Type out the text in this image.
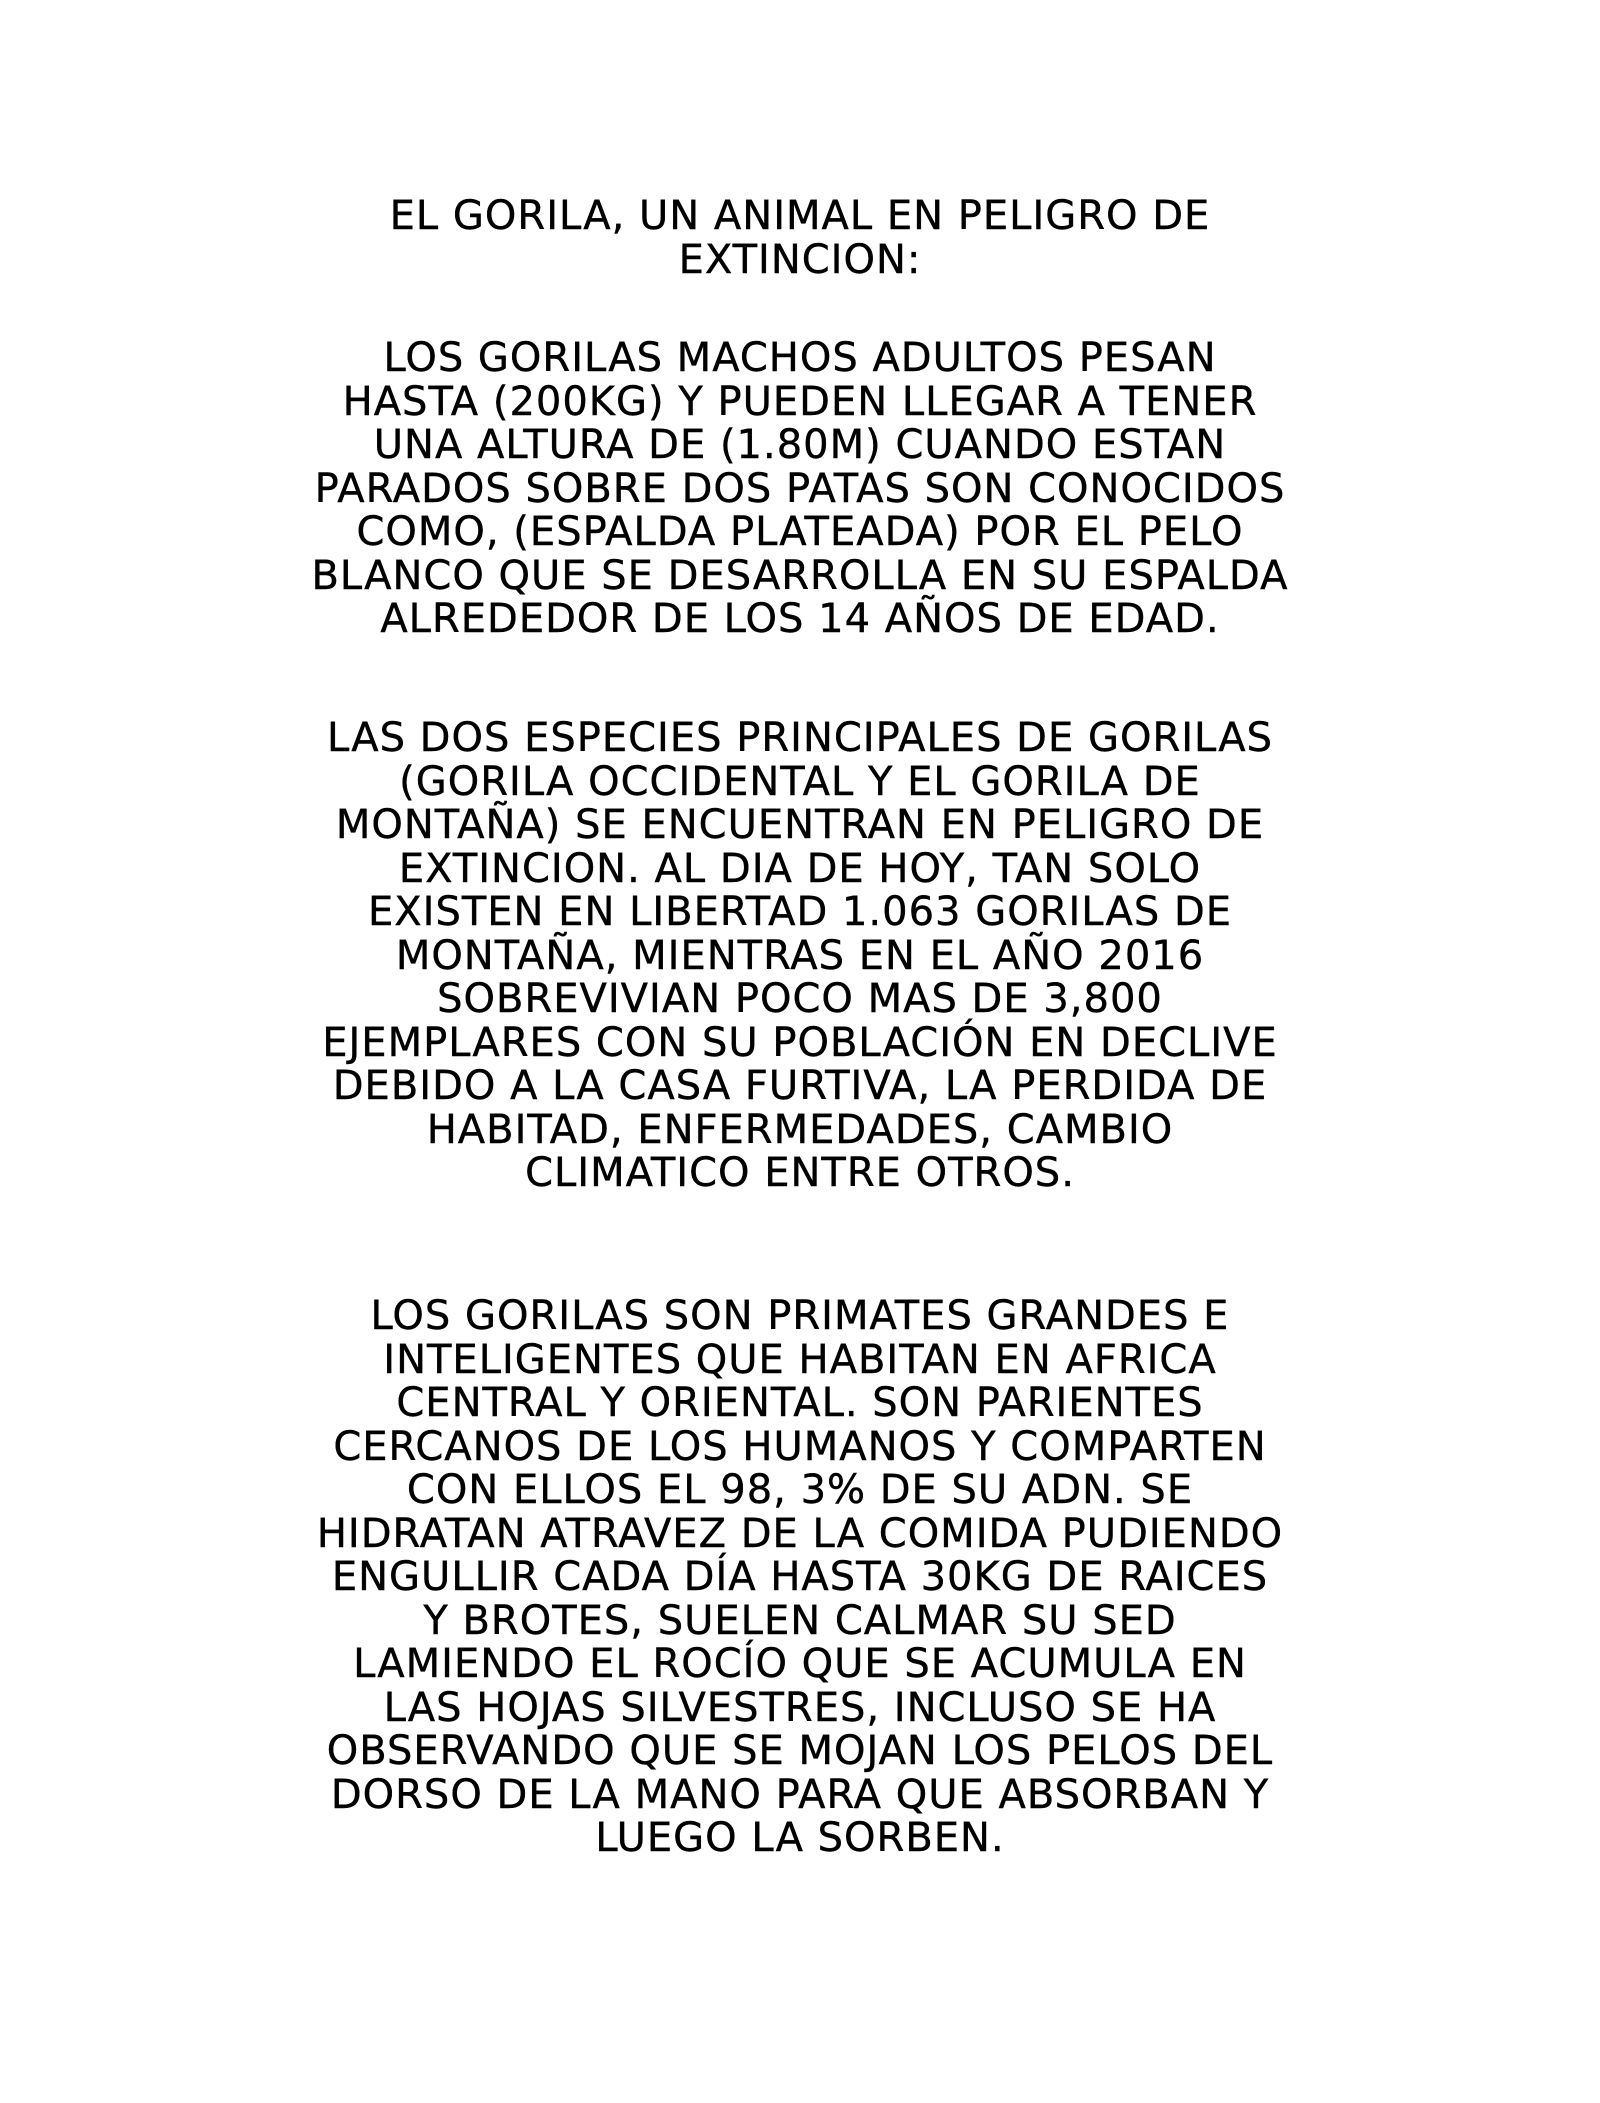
EL GORILA, UN ANIMAL EN PELIGRO DE
EXTINCION:

LOS GORILAS MACHOS ADULTOS PESAN
HASTA (200KG) Y PUEDEN LLEGAR A TENER
UNA ALTURA DE (1.80M) CUANDO ESTAN
PARADOS SOBRE DOS PATAS SON CONOCIDOS
COMO, (ESPALDA PLATEADA) POR EL PELO
BLANCO QUE SE DESARROLLA EN SU ESPALDA
ALREDEDOR DE LOS 14 AÑOS DE EDAD.

LAS DOS ESPECIES PRINCIPALES DE GORILAS
(GORILA OCCIDENTAL Y EL GORILA DE
MONTAÑA) SE ENCUENTRAN EN PELIGRO DE
EXTINCION. AL DIA DE HOY, TAN SOLO
EXISTEN EN LIBERTAD 1.063 GORILAS DE
MONTAÑA, MIENTRAS EN EL AÑO 2016
SOBREVIVIAN POCO MAS DE 3,800
EJEMPLARES CON SU POBLACIÓN EN DECLIVE
DEBIDO A LA CASA FURTIVA, LA PERDIDA DE
HABITAD, ENFERMEDADES, CAMBIO
CLIMATICO ENTRE OTROS.

LOS GORILAS SON PRIMATES GRANDES E
INTELIGENTES QUE HABITAN EN AFRICA
CENTRAL Y ORIENTAL. SON PARIENTES
CERCANOS DE LOS HUMANOS Y COMPARTEN
CON ELLOS EL 98, 3% DE SU ADN. SE
HIDRATAN ATRAVEZ DE LA COMIDA PUDIENDO
ENGULLIR CADA DÍA HASTA 30KG DE RAICES
Y BROTES, SUELEN CALMAR SU SED
LAMIENDO EL ROCÍO QUE SE ACUMULA EN
LAS HOJAS SILVESTRES, INCLUSO SE HA
OBSERVANDO QUE SE MOJAN LOS PELOS DEL
DORSO DE LA MANO PARA QUE ABSORBAN Y
LUEGO LA SORBEN.
